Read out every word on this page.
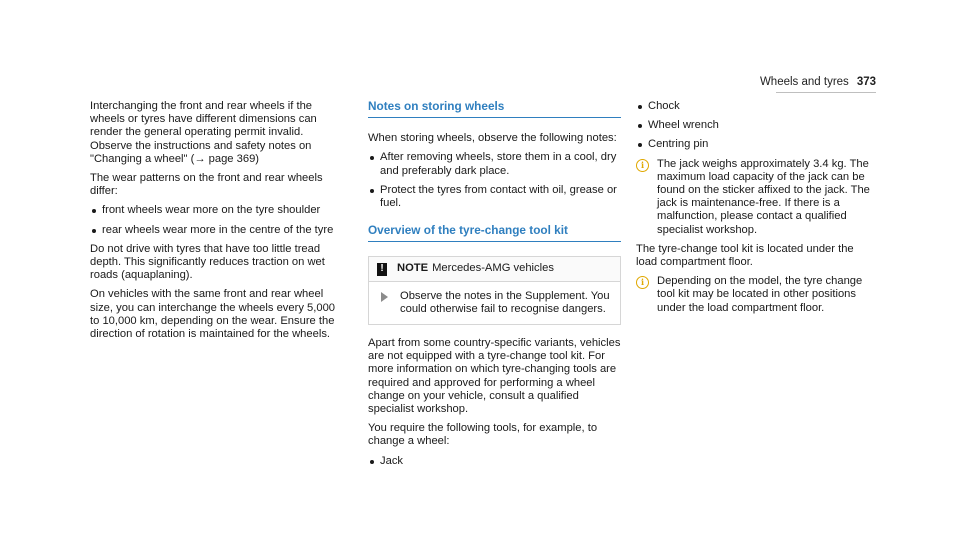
Wheels and tyres 373

Interchanging the front and rear wheels if the wheels or tyres have different dimensions can render the general operating permit invalid. Observe the instructions and safety notes on "Changing a wheel" (→ page 369)

The wear patterns on the front and rear wheels differ:

front wheels wear more on the tyre shoulder
rear wheels wear more in the centre of the tyre

Do not drive with tyres that have too little tread depth. This significantly reduces traction on wet roads (aquaplaning).

On vehicles with the same front and rear wheel size, you can interchange the wheels every 5,000 to 10,000 km, depending on the wear. Ensure the direction of rotation is maintained for the wheels.

Notes on storing wheels

When storing wheels, observe the following notes:

After removing wheels, store them in a cool, dry and preferably dark place.
Protect the tyres from contact with oil, grease or fuel.
Overview of the tyre-change tool kit
! NOTE Mercedes-AMG vehicles
Observe the notes in the Supplement. You could otherwise fail to recognise dangers.

Apart from some country-specific variants, vehicles are not equipped with a tyre-change tool kit. For more information on which tyre-changing tools are required and approved for performing a wheel change on your vehicle, consult a qualified specialist workshop.

You require the following tools, for example, to change a wheel:

Jack
Chock
Wheel wrench
Centring pin
i	The jack weighs approximately 3.4 kg. The maximum load capacity of the jack can be found on the sticker affixed to the jack. The jack is maintenance-free. If there is a malfunction, please contact a qualified specialist workshop.

The tyre-change tool kit is located under the load compartment floor.

i	Depending on the model, the tyre change tool kit may be located in other positions under the load compartment floor.
